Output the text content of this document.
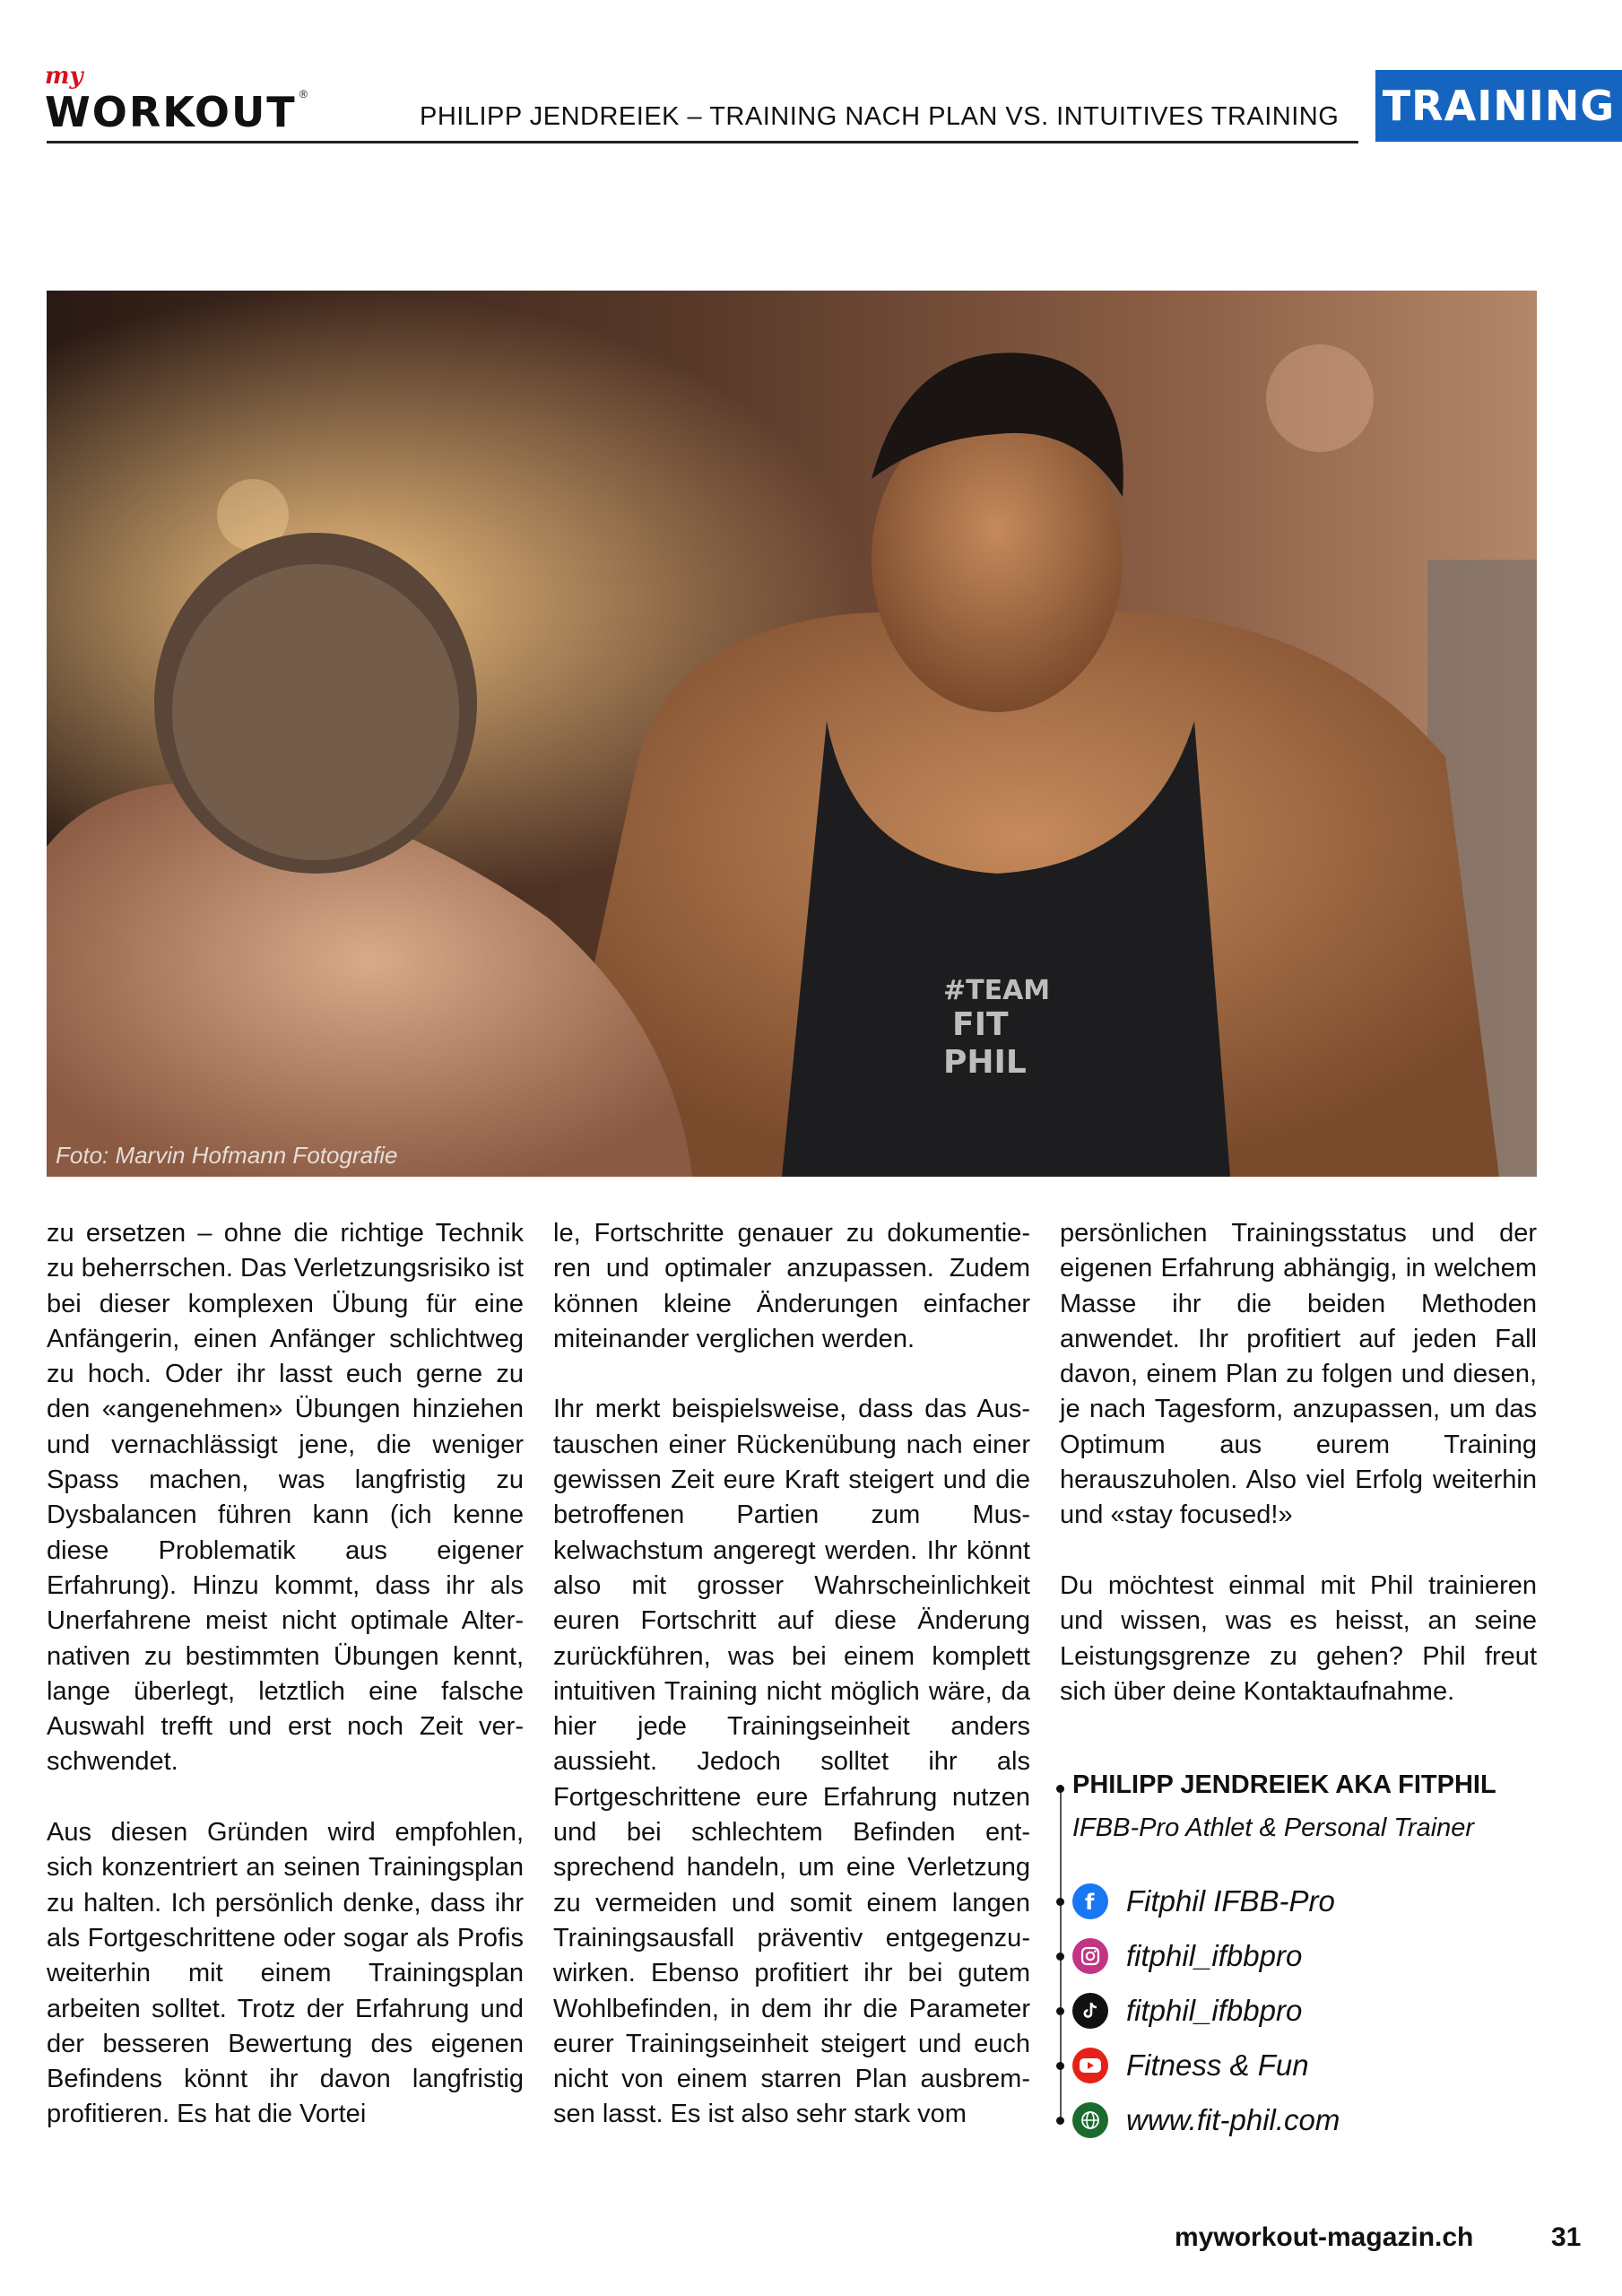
my
WORKOUT ®
PHILIPP JENDREIEK – TRAINING NACH PLAN VS. INTUITIVES TRAINING TRAINING
#TEAM
FIT
PHIL
Foto: Marvin Hofmann Fotografie

zu ersetzen – ohne die richtige Technik zu beherrschen. Das Verletzungsrisiko ist bei dieser komplexen Übung für eine Anfängerin, einen Anfänger schlichtweg zu hoch. Oder ihr lasst euch gerne zu den «angenehmen» Übungen hinziehen und vernachlässigt jene, die weniger Spass machen, was langfristig zu Dysbalancen führen kann (ich kenne diese Problematik aus eigener Erfahrung). Hinzu kommt, dass ihr als Unerfahrene meist nicht optimale Alternativen zu bestimmten Übungen kennt, lange überlegt, letztlich eine falsche Auswahl trefft und erst noch Zeit verschwendet.

Aus diesen Gründen wird empfohlen, sich konzentriert an seinen Trainingsplan zu halten. Ich persönlich denke, dass ihr als Fortgeschrittene oder sogar als Profis weiterhin mit einem Trainingsplan arbeiten solltet. Trotz der Erfahrung und der besseren Bewertung des eigenen Befindens könnt ihr davon langfristig profitieren. Es hat die Vortei

le, Fortschritte genauer zu dokumentieren und optimaler anzupassen. Zudem können kleine Änderungen einfacher miteinander verglichen werden.

Ihr merkt beispielsweise, dass das Austauschen einer Rückenübung nach einer gewissen Zeit eure Kraft steigert und die betroffenen Partien zum Muskelwachstum angeregt werden. Ihr könnt also mit grosser Wahrscheinlichkeit euren Fortschritt auf diese Änderung zurückführen, was bei einem komplett intuitiven Training nicht möglich wäre, da hier jede Trainingseinheit anders aussieht. Jedoch solltet ihr als Fortgeschrittene eure Erfahrung nutzen und bei schlechtem Befinden entsprechend handeln, um eine Verletzung zu vermeiden und somit einem langen Trainingsausfall präventiv entgegenzuwirken. Ebenso profitiert ihr bei gutem Wohlbefinden, in dem ihr die Parameter eurer Trainingseinheit steigert und euch nicht von einem starren Plan ausbremsen lasst. Es ist also sehr stark vom

persönlichen Trainingsstatus und der eigenen Erfahrung abhängig, in welchem Masse ihr die beiden Methoden anwendet. Ihr profitiert auf jeden Fall davon, einem Plan zu folgen und diesen, je nach Tagesform, anzupassen, um das Optimum aus eurem Training herauszuholen. Also viel Erfolg weiterhin und «stay focused!»

Du möchtest einmal mit Phil trainieren und wissen, was es heisst, an seine Leistungsgrenze zu gehen? Phil freut sich über deine Kontaktaufnahme.

PHILIPP JENDREIEK AKA FITPHIL
IFBB-Pro Athlet & Personal Trainer
f Fitphil IFBB-Pro
fitphil_ifbbpro
fitphil_ifbbpro
Fitness & Fun
www.fit-phil.com
myworkout-magazin.ch	31
